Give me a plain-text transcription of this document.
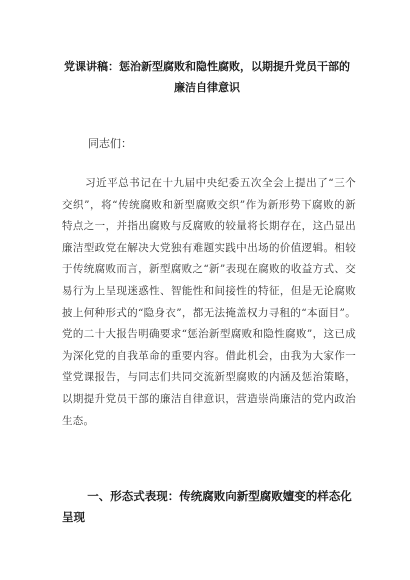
党课讲稿：惩治新型腐败和隐性腐败，以期提升党员干部的廉洁自律意识

同志们：

习近平总书记在十九届中央纪委五次全会上提出了“三个交织”，将“传统腐败和新型腐败交织”作为新形势下腐败的新特点之一，并指出腐败与反腐败的较量将长期存在，这凸显出廉洁型政党在解决大党独有难题实践中出场的价值逻辑。相较于传统腐败而言，新型腐败之“新”表现在腐败的收益方式、交易行为上呈现迷惑性、智能性和间接性的特征，但是无论腐败披上何种形式的“隐身衣”，都无法掩盖权力寻租的“本面目”。党的二十大报告明确要求“惩治新型腐败和隐性腐败”，这已成为深化党的自我革命的重要内容。借此机会，由我为大家作一堂党课报告，与同志们共同交流新型腐败的内涵及惩治策略，以期提升党员干部的廉洁自律意识，营造崇尚廉洁的党内政治生态。

一、形态式表现：传统腐败向新型腐败嬗变的样态化呈现
